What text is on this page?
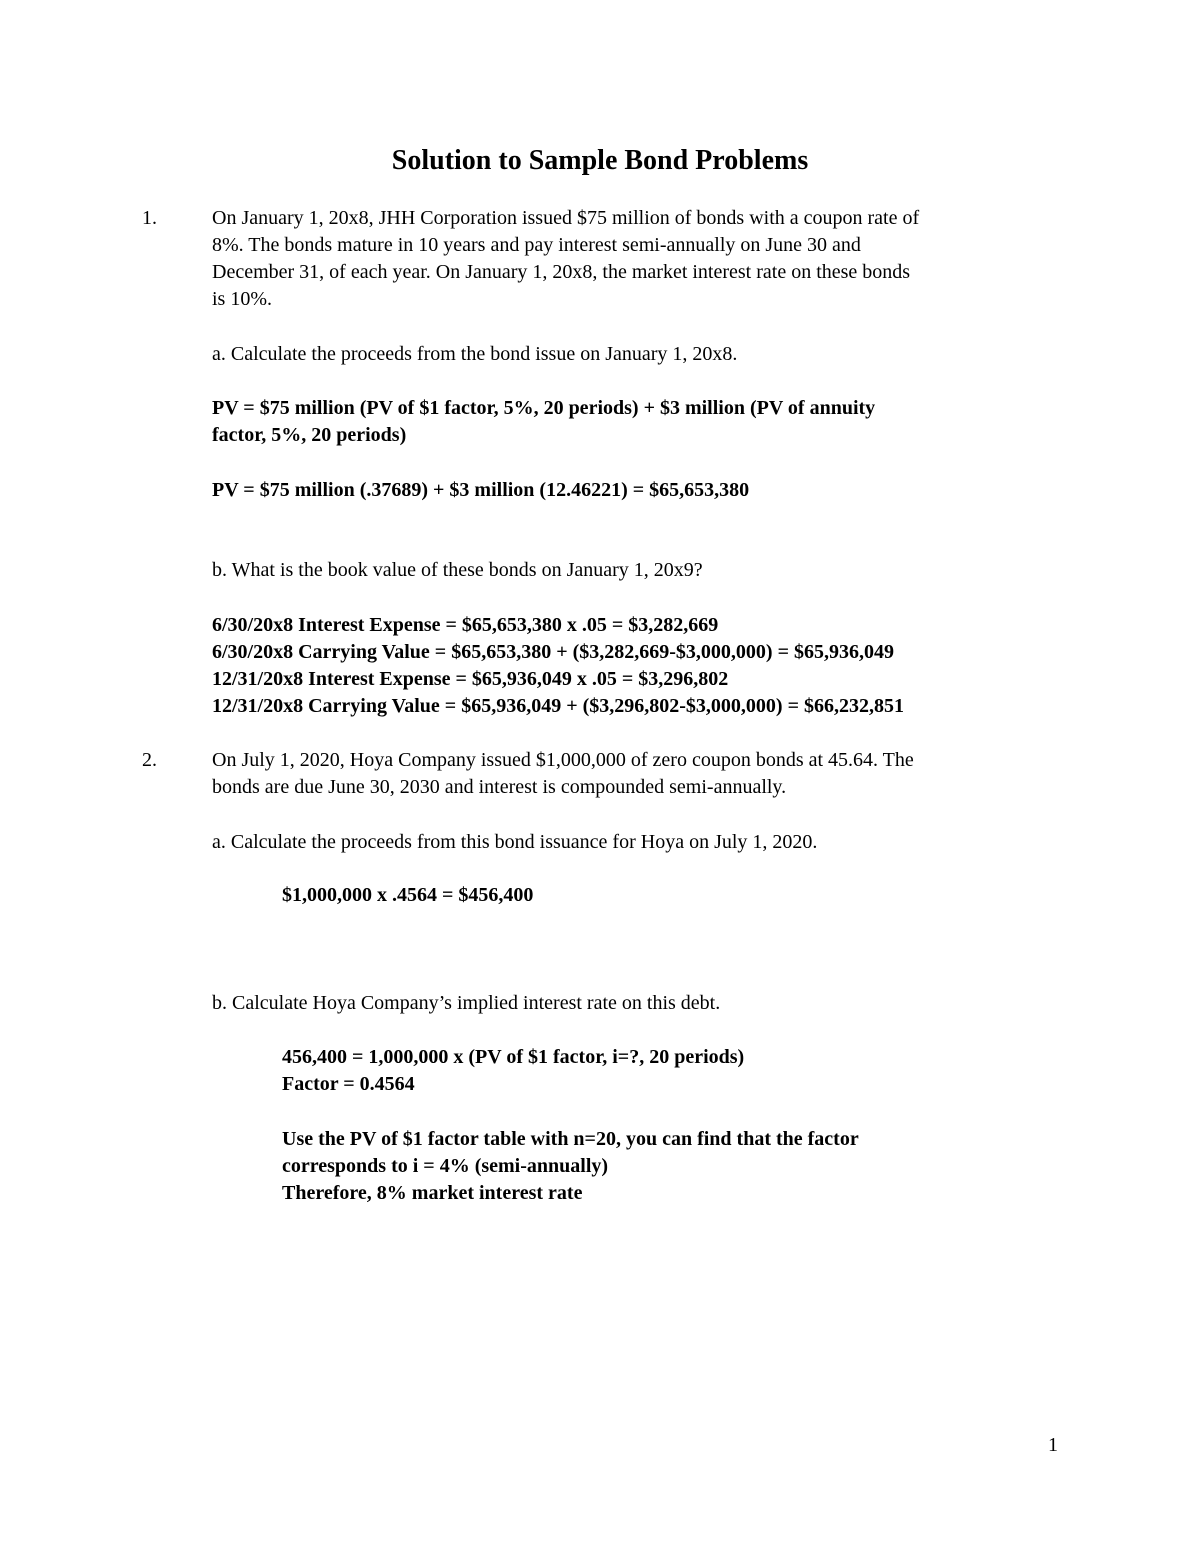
Solution to Sample Bond Problems
1.	On January 1, 20x8, JHH Corporation issued $75 million of bonds with a coupon rate of
8%. The bonds mature in 10 years and pay interest semi-annually on June 30 and
December 31, of each year. On January 1, 20x8, the market interest rate on these bonds
is 10%.
a. Calculate the proceeds from the bond issue on January 1, 20x8.
PV = $75 million (PV of $1 factor, 5%, 20 periods) + $3 million (PV of annuity
factor, 5%, 20 periods)
PV = $75 million (.37689) + $3 million (12.46221) = $65,653,380
b. What is the book value of these bonds on January 1, 20x9?
6/30/20x8 Interest Expense = $65,653,380 x .05 = $3,282,669
6/30/20x8 Carrying Value = $65,653,380 + ($3,282,669-$3,000,000) = $65,936,049
12/31/20x8 Interest Expense = $65,936,049 x .05 = $3,296,802
12/31/20x8 Carrying Value = $65,936,049 + ($3,296,802-$3,000,000) = $66,232,851
2.	On July 1, 2020, Hoya Company issued $1,000,000 of zero coupon bonds at 45.64. The
bonds are due June 30, 2030 and interest is compounded semi-annually.
a. Calculate the proceeds from this bond issuance for Hoya on July 1, 2020.
$1,000,000 x .4564 = $456,400
b. Calculate Hoya Company’s implied interest rate on this debt.
456,400 = 1,000,000 x (PV of $1 factor, i=?, 20 periods)
Factor = 0.4564
Use the PV of $1 factor table with n=20, you can find that the factor
corresponds to i = 4% (semi-annually)
Therefore, 8% market interest rate
1
